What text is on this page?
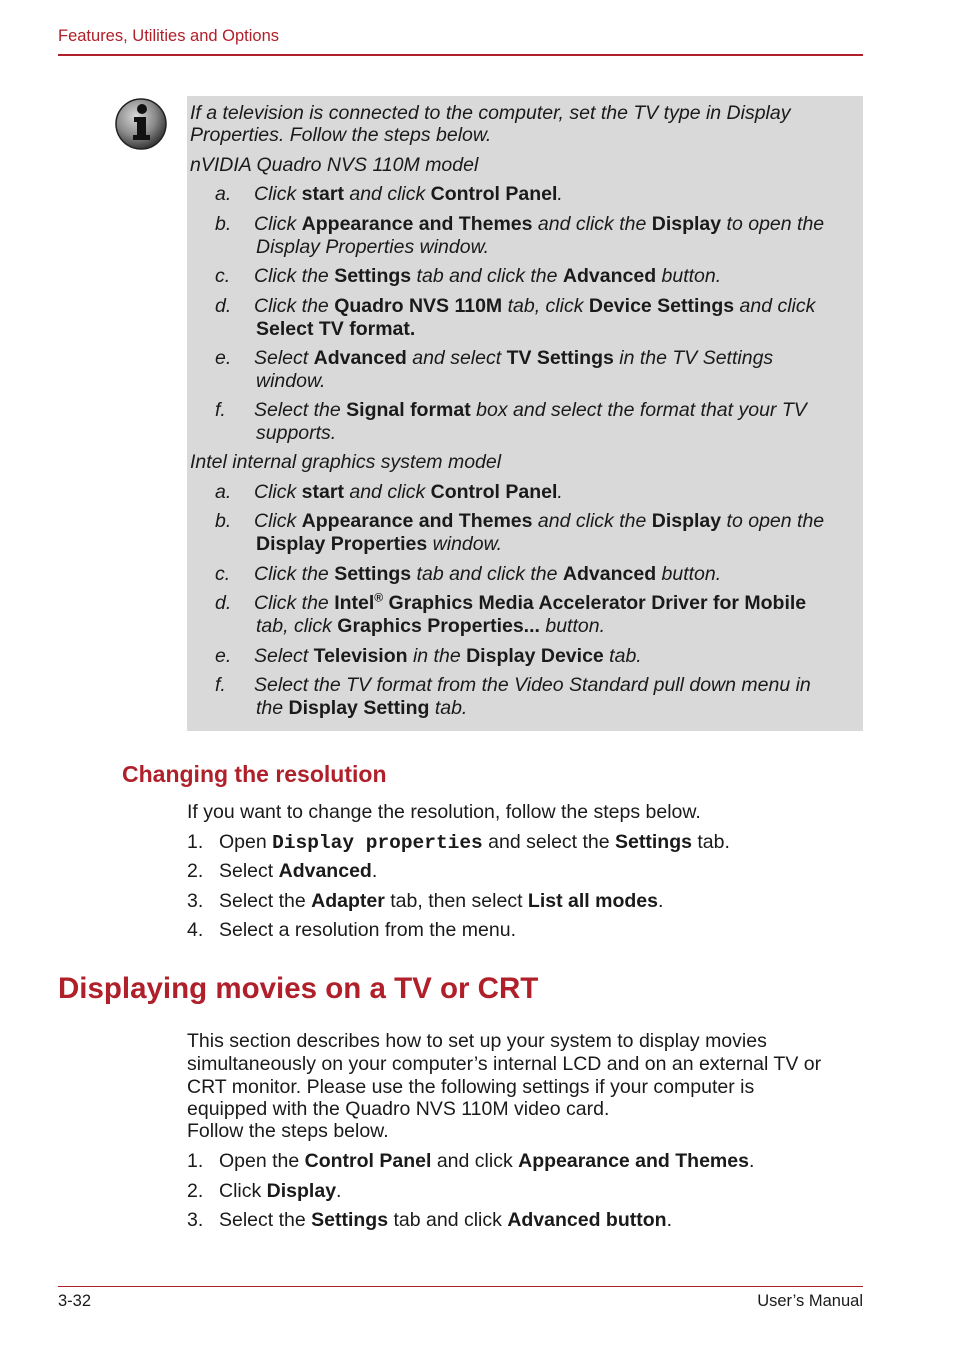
Features, Utilities and Options
If a television is connected to the computer, set the TV type in Display
Properties. Follow the steps below.
nVIDIA Quadro NVS 110M model
a. Click start and click Control Panel.
b. Click Appearance and Themes and click the Display to open the
Display Properties window.
c. Click the Settings tab and click the Advanced button.
d. Click the Quadro NVS 110M tab, click Device Settings and click
Select TV format.
e. Select Advanced and select TV Settings in the TV Settings
window.
f. Select the Signal format box and select the format that your TV
supports.
Intel internal graphics system model
a. Click start and click Control Panel.
b. Click Appearance and Themes and click the Display to open the
Display Properties window.
c. Click the Settings tab and click the Advanced button.
d. Click the Intel® Graphics Media Accelerator Driver for Mobile
tab, click Graphics Properties... button.
e. Select Television in the Display Device tab.
f. Select the TV format from the Video Standard pull down menu in
the Display Setting tab.
Changing the resolution
If you want to change the resolution, follow the steps below.
1. Open Display properties and select the Settings tab.
2. Select Advanced.
3. Select the Adapter tab, then select List all modes.
4. Select a resolution from the menu.
Displaying movies on a TV or CRT
This section describes how to set up your system to display movies
simultaneously on your computer’s internal LCD and on an external TV or
CRT monitor. Please use the following settings if your computer is
equipped with the Quadro NVS 110M video card.
Follow the steps below.
1. Open the Control Panel and click Appearance and Themes.
2. Click Display.
3. Select the Settings tab and click Advanced button.
3-32	User’s Manual
